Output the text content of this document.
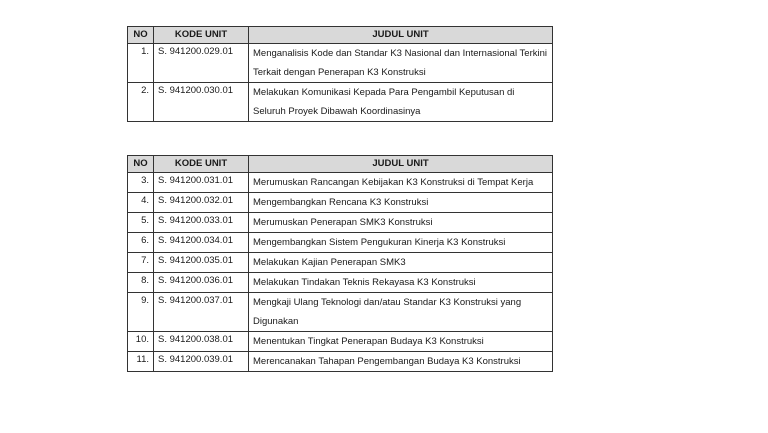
NO	KODE UNIT	JUDUL UNIT
1.	S. 941200.029.01	Menganalisis Kode dan Standar K3 Nasional dan Internasional Terkini Terkait dengan Penerapan K3 Konstruksi
2.	S. 941200.030.01	Melakukan Komunikasi Kepada Para Pengambil Keputusan di Seluruh Proyek Dibawah Koordinasinya
NO	KODE UNIT	JUDUL UNIT
3.	S. 941200.031.01	Merumuskan Rancangan Kebijakan K3 Konstruksi di Tempat Kerja
4.	S. 941200.032.01	Mengembangkan Rencana K3 Konstruksi
5.	S. 941200.033.01	Merumuskan Penerapan SMK3 Konstruksi
6.	S. 941200.034.01	Mengembangkan Sistem Pengukuran Kinerja K3 Konstruksi
7.	S. 941200.035.01	Melakukan Kajian Penerapan SMK3
8.	S. 941200.036.01	Melakukan Tindakan Teknis Rekayasa K3 Konstruksi
9.	S. 941200.037.01	Mengkaji Ulang Teknologi dan/atau Standar K3 Konstruksi yang Digunakan
10.	S. 941200.038.01	Menentukan Tingkat Penerapan Budaya K3 Konstruksi
11.	S. 941200.039.01	Merencanakan Tahapan Pengembangan Budaya K3 Konstruksi
